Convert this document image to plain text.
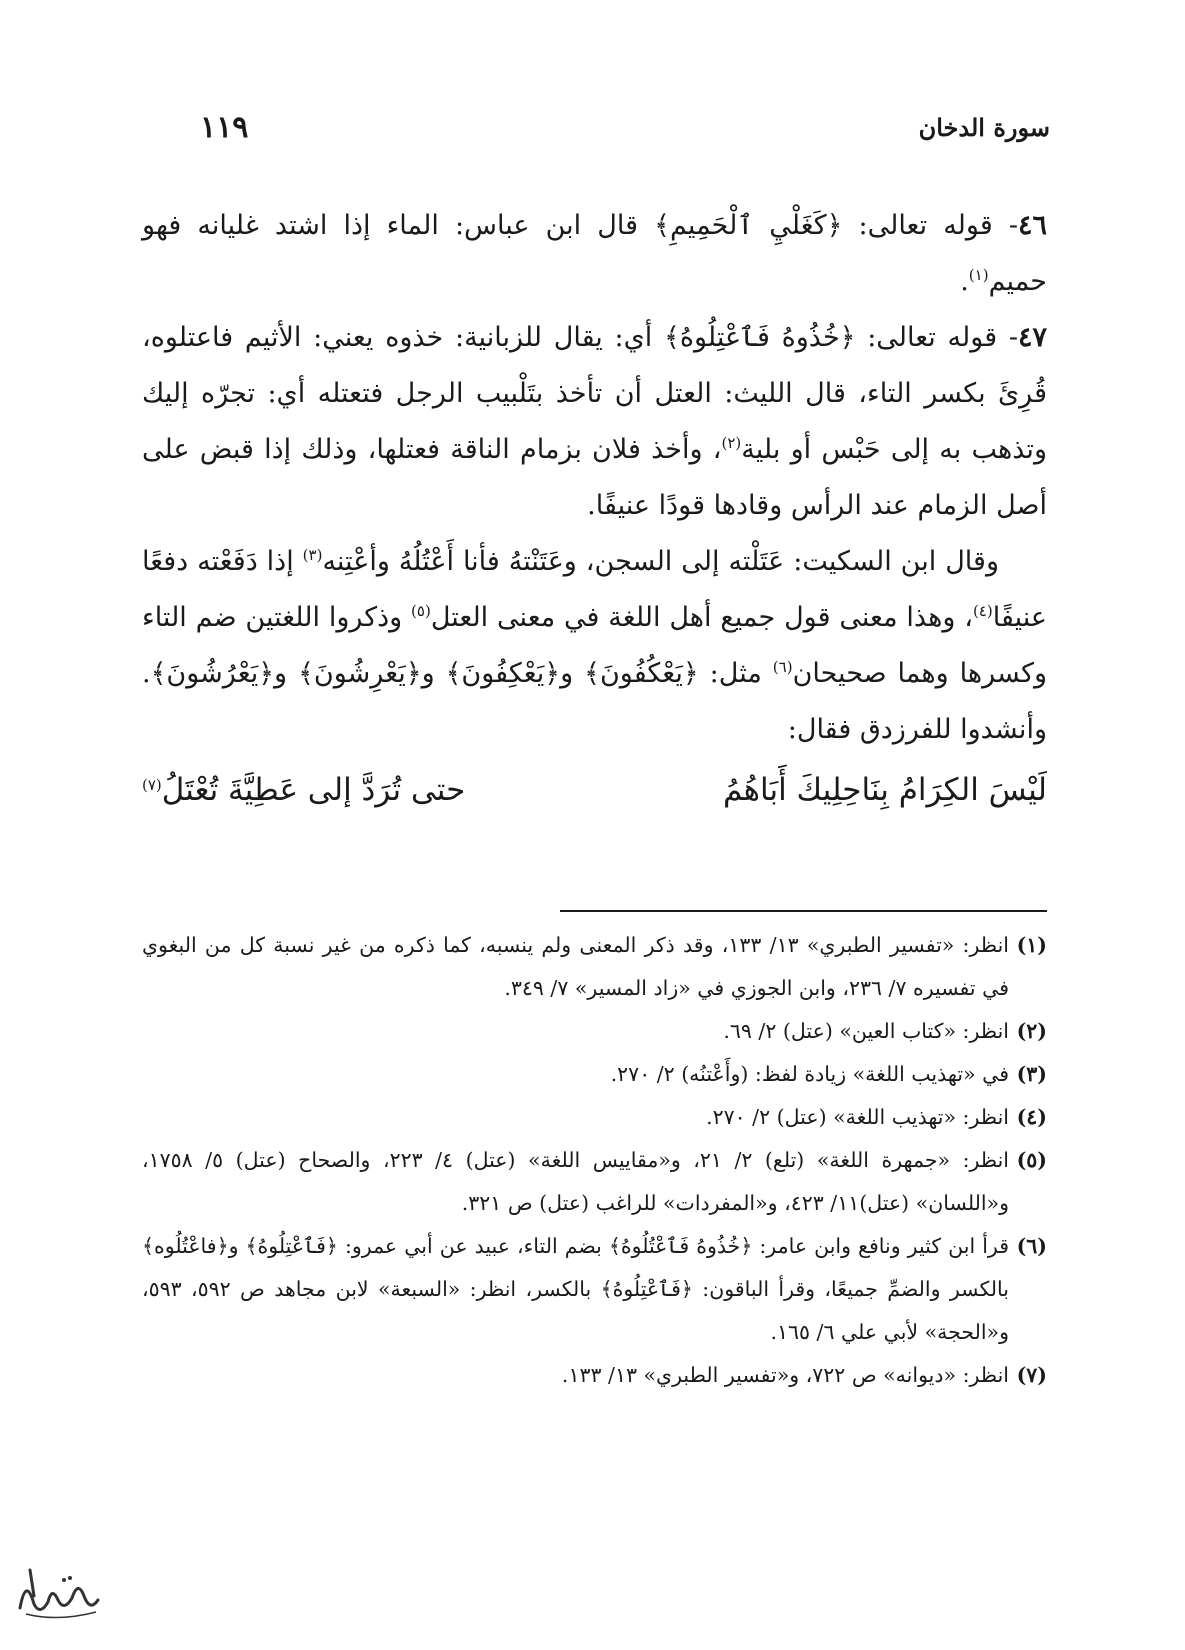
سورة الدخان
١١٩

٤٦- قوله تعالى: ﴿كَغَلْيِ ٱلْحَمِيمِ﴾ قال ابن عباس: الماء إذا اشتد غليانه فهو حميم$^{(١)}$.

٤٧- قوله تعالى: ﴿خُذُوهُ فَٱعْتِلُوهُ﴾ أي: يقال للزبانية: خذوه يعني: الأثيم فاعتلوه، قُرِئَ بكسر التاء، قال الليث: العتل أن تأخذ بتَلْبيب الرجل فتعتله أي: تجرّه إليك وتذهب به إلى حَبْس أو بلية$^{(٢)}$، وأخذ فلان بزمام الناقة فعتلها، وذلك إذا قبض على أصل الزمام عند الرأس وقادها قودًا عنيفًا.

وقال ابن السكيت: عَتَلْته إلى السجن، وعَتَنْتهُ فأنا أَعْتُلُهُ وأعْتِنه$^{(٣)}$ إذا دَفَعْته دفعًا عنيفًا$^{(٤)}$، وهذا معنى قول جميع أهل اللغة في معنى العتل$^{(٥)}$ وذكروا اللغتين ضم التاء وكسرها وهما صحيحان$^{(٦)}$ مثل: ﴿يَعْكُفُونَ﴾ و﴿يَعْكِفُونَ﴾ و﴿يَعْرِشُونَ﴾ و﴿يَعْرُشُونَ﴾. وأنشدوا للفرزدق فقال:

لَيْسَ الكِرَامُ بِنَاحِلِيكَ أَبَاهُمُ
حتى تُرَدَّ إلى عَطِيَّةَ تُعْتَلُ$^{(٧)}$

(١)
انظر: «تفسير الطبري» ١٣/ ١٣٣، وقد ذكر المعنى ولم ينسبه، كما ذكره من غير نسبة كل من البغوي في تفسيره ٧/ ٢٣٦، وابن الجوزي في «زاد المسير» ٧/ ٣٤٩.

(٢)
انظر: «كتاب العين» (عتل) ٢/ ٦٩.

(٣)
في «تهذيب اللغة» زيادة لفظ: (وأَعْتنُه) ٢/ ٢٧٠.

(٤)
انظر: «تهذيب اللغة» (عتل) ٢/ ٢٧٠.

(٥)
انظر: «جمهرة اللغة» (تلع) ٢/ ٢١، و«مقاييس اللغة» (عتل) ٤/ ٢٢٣، والصحاح (عتل) ٥/ ١٧٥٨، و«اللسان» (عتل)١١/ ٤٢٣، و«المفردات» للراغب (عتل) ص ٣٢١.

(٦)
قرأ ابن كثير ونافع وابن عامر: ﴿خُذُوهُ فَٱعْتُلُوهُ﴾ بضم التاء، عبيد عن أبي عمرو: ﴿فَٱعْتِلُوهُ﴾ و﴿فاعْتُلُوه﴾ بالكسر والضمِّ جميعًا، وقرأ الباقون: ﴿فَٱعْتِلُوهُ﴾ بالكسر، انظر: «السبعة» لابن مجاهد ص ٥٩٢، ٥٩٣، و«الحجة» لأبي علي ٦/ ١٦٥.

(٧)
انظر: «ديوانه» ص ٧٢٢، و«تفسير الطبري» ١٣/ ١٣٣.
